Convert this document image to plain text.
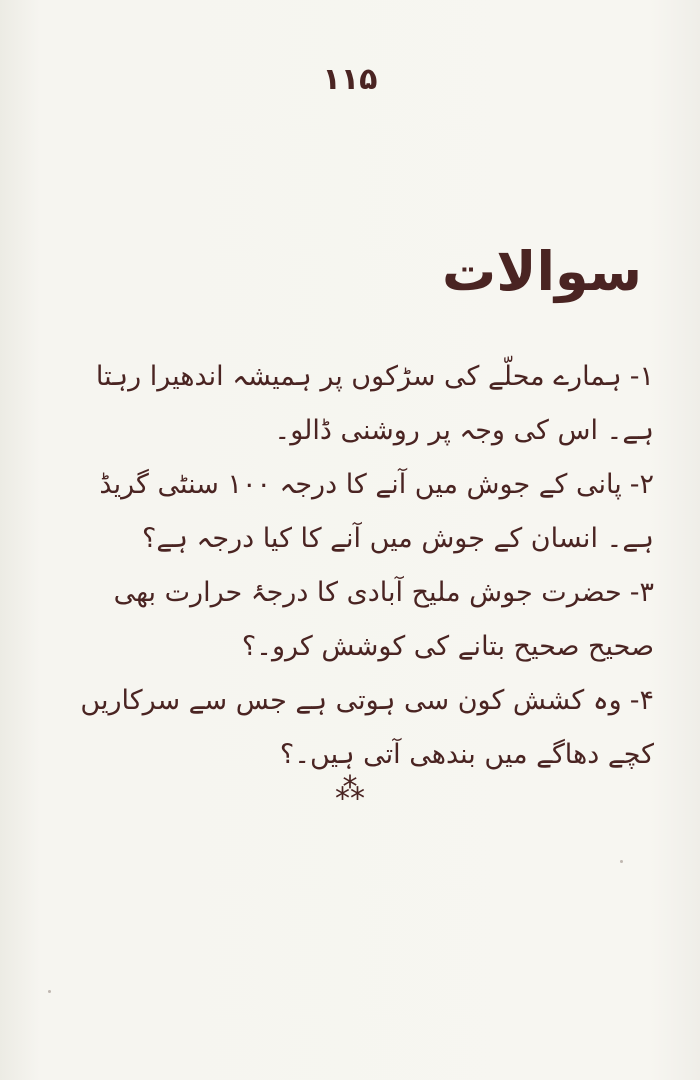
۱۱۵
سوالات

۱-ہمارے محلّے کی سڑکوں پر ہمیشہ اندھیرا رہتا ہے۔ اس کی وجہ پر روشنی ڈالو۔

۲-پانی کے جوش میں آنے کا درجہ ۱۰۰ سنٹی گریڈ ہے۔ انسان کے جوش میں آنے کا کیا درجہ ہے؟

۳-حضرت جوش ملیح آبادی کا درجۂ حرارت بھی صحیح صحیح بتانے کی کوشش کرو۔؟

۴-وہ کشش کون سی ہوتی ہے جس سے سرکاریں کچے دھاگے میں بندھی آتی ہیں۔؟

⁂
